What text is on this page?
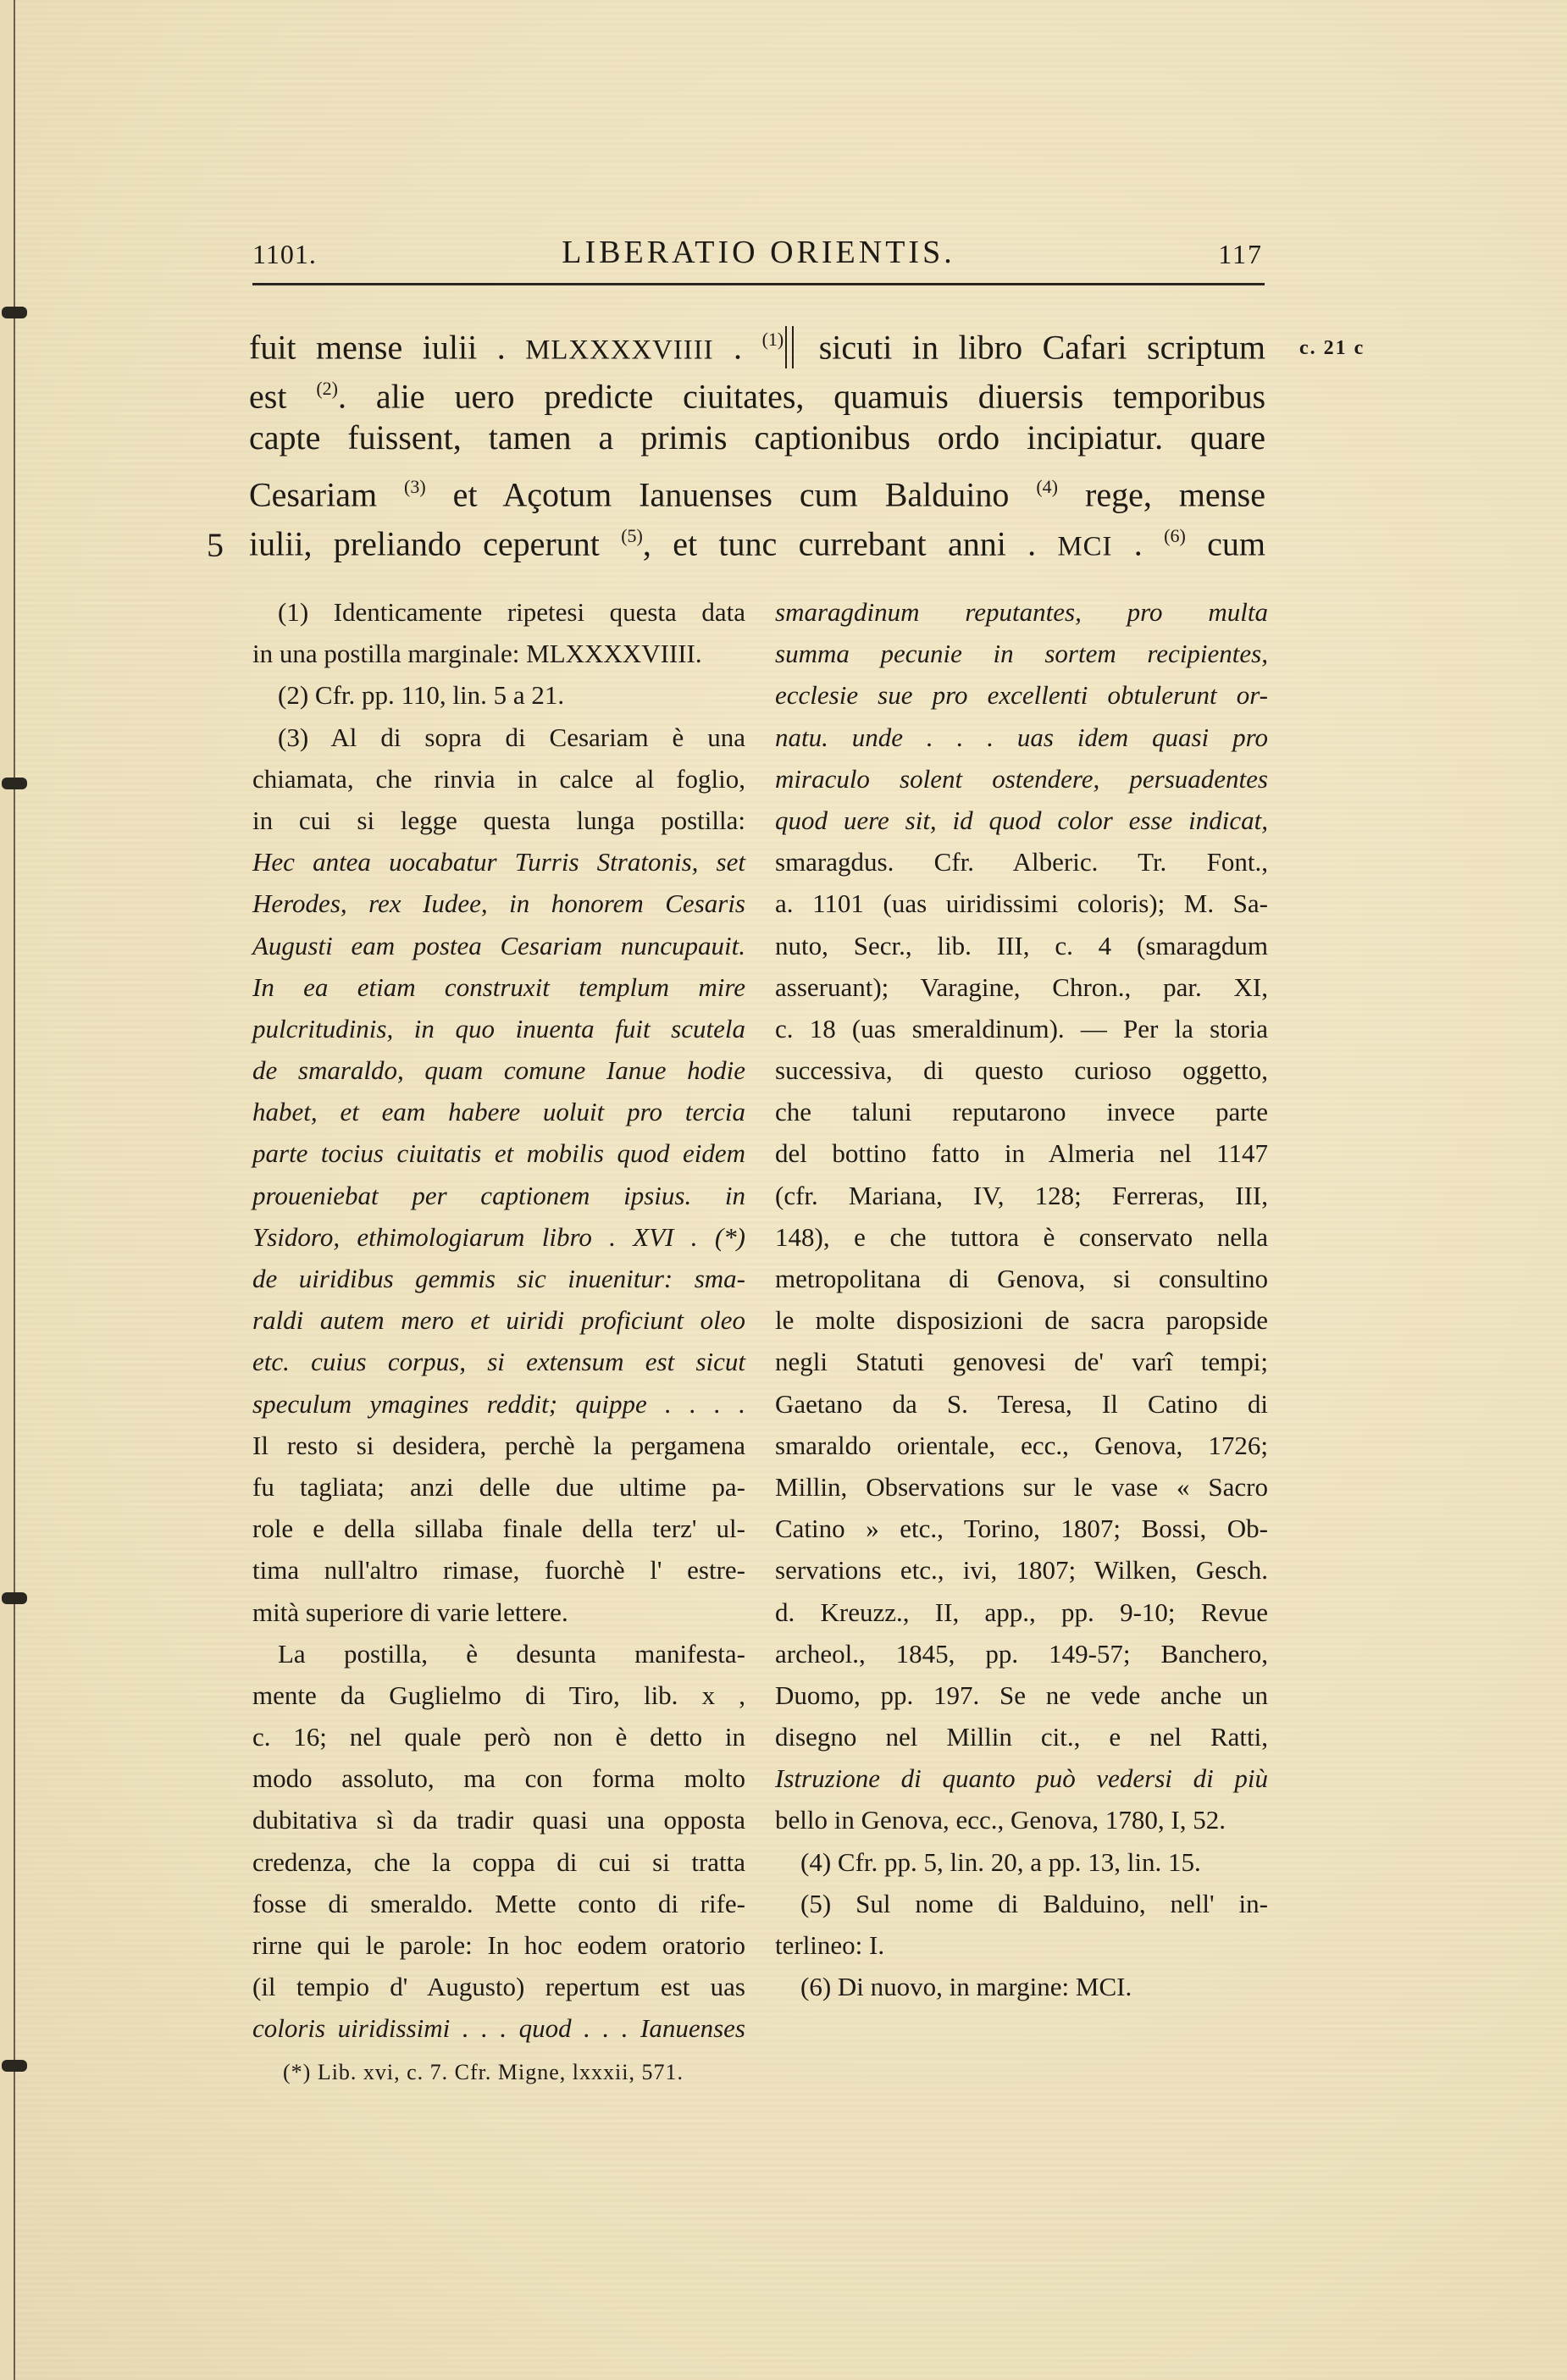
1101.	LIBERATIO ORIENTIS.	117
fuit mense iulii . MLXXXXVIIII . $^{(1)}$ sicuti in libro Cafari scriptum
est $^{(2)}$. alie uero predicte ciuitates, quamuis diuersis temporibus
capte fuissent, tamen a primis captionibus ordo incipiatur. quare
Cesariam $^{(3)}$ et Açotum Ianuenses cum Balduino $^{(4)}$ rege, mense
iulii, preliando ceperunt $^{(5)}$, et tunc currebant anni . MCI . $^{(6)}$ cum
c. 21 c
5
(1) Identicamente ripetesi questa data
in una postilla marginale: MLXXXXVIIII.
(2) Cfr. pp. 110, lin. 5 a 21.
(3) Al di sopra di Cesariam è una
chiamata, che rinvia in calce al foglio,
in cui si legge questa lunga postilla:
Hec antea uocabatur Turris Stratonis, set
Herodes, rex Iudee, in honorem Cesaris
Augusti eam postea Cesariam nuncupauit.
In ea etiam construxit templum mire
pulcritudinis, in quo inuenta fuit scutela
de smaraldo, quam comune Ianue hodie
habet, et eam habere uoluit pro tercia
parte tocius ciuitatis et mobilis quod eidem
proueniebat per captionem ipsius. in
Ysidoro, ethimologiarum libro . XVI . (*)
de uiridibus gemmis sic inuenitur: sma-
raldi autem mero et uiridi proficiunt oleo
etc. cuius corpus, si extensum est sicut
speculum ymagines reddit; quippe . . . .
Il resto si desidera, perchè la pergamena
fu tagliata; anzi delle due ultime pa-
role e della sillaba finale della terz' ul-
tima null'altro rimase, fuorchè l' estre-
mità superiore di varie lettere.
La postilla, è desunta manifesta-
mente da Guglielmo di Tiro, lib. x ,
c. 16; nel quale però non è detto in
modo assoluto, ma con forma molto
dubitativa sì da tradir quasi una opposta
credenza, che la coppa di cui si tratta
fosse di smeraldo. Mette conto di rife-
rirne qui le parole: In hoc eodem oratorio
(il tempio d' Augusto) repertum est uas
coloris uiridissimi . . . quod . . . Ianuenses
smaragdinum reputantes, pro multa
summa pecunie in sortem recipientes,
ecclesie sue pro excellenti obtulerunt or-
natu. unde . . . uas idem quasi pro
miraculo solent ostendere, persuadentes
quod uere sit, id quod color esse indicat,
smaragdus. Cfr. Alberic. Tr. Font.,
a. 1101 (uas uiridissimi coloris); M. Sa-
nuto, Secr., lib. III, c. 4 (smaragdum
asseruant); Varagine, Chron., par. XI,
c. 18 (uas smeraldinum). — Per la storia
successiva, di questo curioso oggetto,
che taluni reputarono invece parte
del bottino fatto in Almeria nel 1147
(cfr. Mariana, IV, 128; Ferreras, III,
148), e che tuttora è conservato nella
metropolitana di Genova, si consultino
le molte disposizioni de sacra paropside
negli Statuti genovesi de' varî tempi;
Gaetano da S. Teresa, Il Catino di
smaraldo orientale, ecc., Genova, 1726;
Millin, Observations sur le vase « Sacro
Catino » etc., Torino, 1807; Bossi, Ob-
servations etc., ivi, 1807; Wilken, Gesch.
d. Kreuzz., II, app., pp. 9-10; Revue
archeol., 1845, pp. 149-57; Banchero,
Duomo, pp. 197. Se ne vede anche un
disegno nel Millin cit., e nel Ratti,
Istruzione di quanto può vedersi di più
bello in Genova, ecc., Genova, 1780, I, 52.
(4) Cfr. pp. 5, lin. 20, a pp. 13, lin. 15.
(5) Sul nome di Balduino, nell' in-
terlineo: I.
(6) Di nuovo, in margine: MCI.
(*) Lib. xvi, c. 7. Cfr. Migne, lxxxii, 571.
